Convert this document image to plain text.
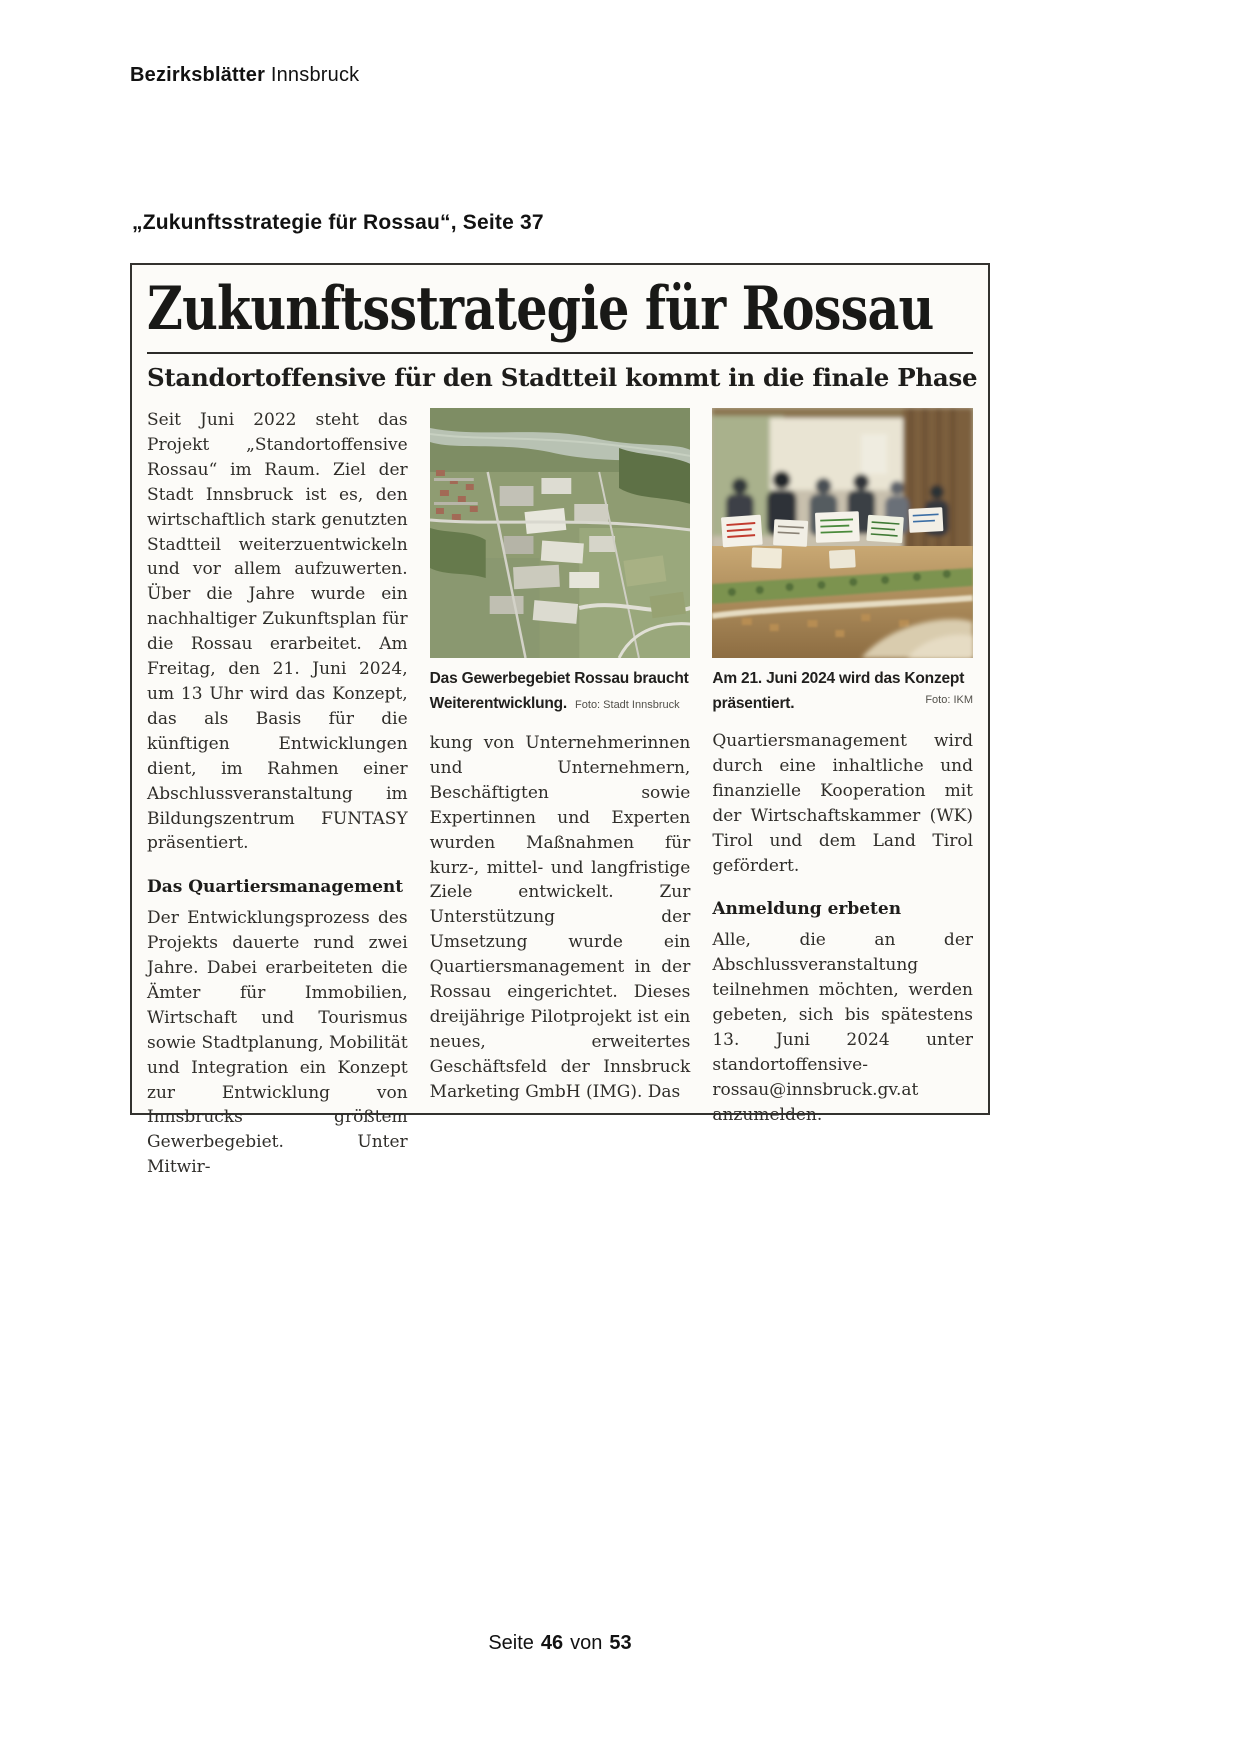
Bezirksblätter Innsbruck
„Zukunftsstrategie für Rossau“, Seite 37
Zukunftsstrategie für Rossau
Standortoffensive für den Stadtteil kommt in die finale Phase

Seit Juni 2022 steht das Projekt „Standortoffensive Rossau“ im Raum. Ziel der Stadt Innsbruck ist es, den wirtschaftlich stark genutzten Stadtteil weiterzuentwickeln und vor allem aufzuwerten. Über die Jahre wurde ein nachhaltiger Zukunftsplan für die Rossau erarbeitet. Am Freitag, den 21. Juni 2024, um 13 Uhr wird das Konzept, das als Basis für die künftigen Entwicklungen dient, im Rahmen einer Abschlussveranstaltung im Bildungszentrum FUNTASY präsentiert.

Das Quartiersmanagement

Der Entwicklungsprozess des Projekts dauerte rund zwei Jahre. Dabei erarbeiteten die Ämter für Immobilien, Wirtschaft und Tourismus sowie Stadtplanung, Mobilität und Integration ein Konzept zur Entwicklung von Innsbrucks größtem Gewerbegebiet. Unter Mitwir-

Das Gewerbegebiet Rossau braucht Weiterentwicklung. Foto: Stadt Innsbruck

kung von Unternehmerinnen und Unternehmern, Beschäftigten sowie Expertinnen und Experten wurden Maßnahmen für kurz-, mittel- und langfristige Ziele entwickelt. Zur Unterstützung der Umsetzung wurde ein Quartiersmanagement in der Rossau eingerichtet. Dieses dreijährige Pilotprojekt ist ein neues, erweitertes Geschäftsfeld der Innsbruck Marketing GmbH (IMG). Das

Am 21. Juni 2024 wird das Konzept präsentiert.	Foto: IKM

Quartiersmanagement wird durch eine inhaltliche und finanzielle Kooperation mit der Wirtschaftskammer (WK) Tirol und dem Land Tirol gefördert.

Anmeldung erbeten

Alle, die an der Abschlussveranstaltung teilnehmen möchten, werden gebeten, sich bis spätestens 13. Juni 2024 unter standortoffensive-rossau@innsbruck.gv.at anzumelden.

Seite 46 von 53
